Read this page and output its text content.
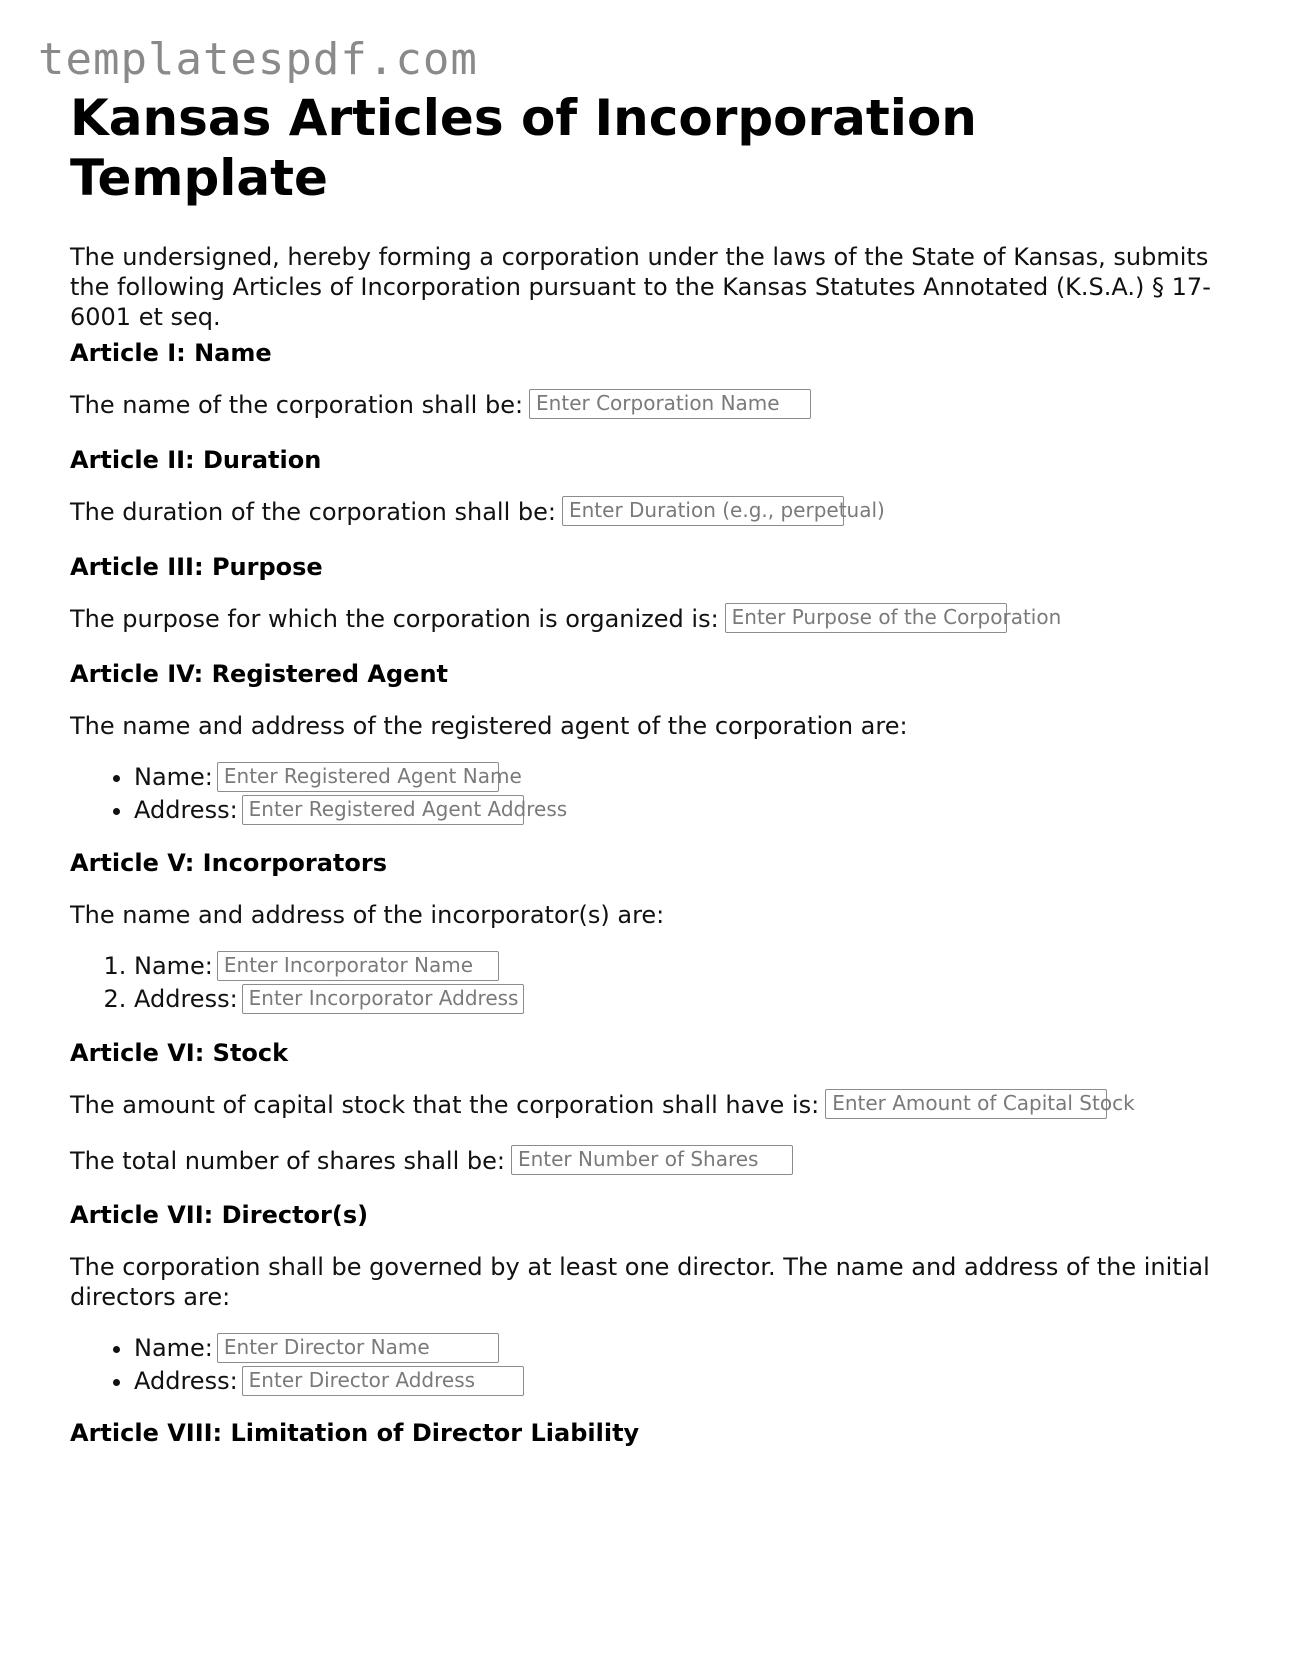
templatespdf.com
Kansas Articles of Incorporation
Template

The undersigned, hereby forming a corporation under the laws of the State of Kansas, submits the following Articles of Incorporation pursuant to the Kansas Statutes Annotated (K.S.A.) § 17-6001 et seq.

Article I: Name
The name of the corporation shall be: Enter Corporation Name
Article II: Duration
The duration of the corporation shall be: Enter Duration (e.g., perpetual)
Article III: Purpose
The purpose for which the corporation is organized is: Enter Purpose of the Corporation
Article IV: Registered Agent
The name and address of the registered agent of the corporation are:
• Name: Enter Registered Agent Name
• Address: Enter Registered Agent Address
Article V: Incorporators
The name and address of the incorporator(s) are:
1. Name: Enter Incorporator Name
2. Address: Enter Incorporator Address
Article VI: Stock
The amount of capital stock that the corporation shall have is: Enter Amount of Capital Stock
The total number of shares shall be: Enter Number of Shares
Article VII: Director(s)
The corporation shall be governed by at least one director. The name and address of the initial directors are:
• Name: Enter Director Name
• Address: Enter Director Address
Article VIII: Limitation of Director Liability
